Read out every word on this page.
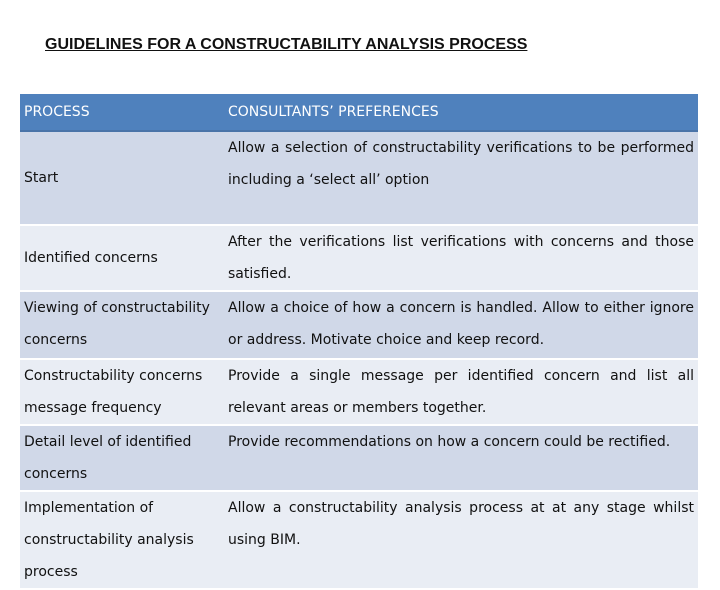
GUIDELINES FOR A CONSTRUCTABILITY ANALYSIS PROCESS
PROCESS	CONSULTANTS’ PREFERENCES
Start	Allow a selection of constructability verifications to be performed including a ‘select all’ option
Identified concerns	After the verifications list verifications with concerns and those satisfied.
Viewing of constructability concerns	Allow a choice of how a concern is handled. Allow to either ignore or address. Motivate choice and keep record.
Constructability concerns message frequency	Provide a single message per identified concern and list all relevant areas or members together.
Detail level of identified concerns	Provide recommendations on how a concern could be rectified.
Implementation of constructability analysis process	Allow a constructability analysis process at at any stage whilst using BIM.
